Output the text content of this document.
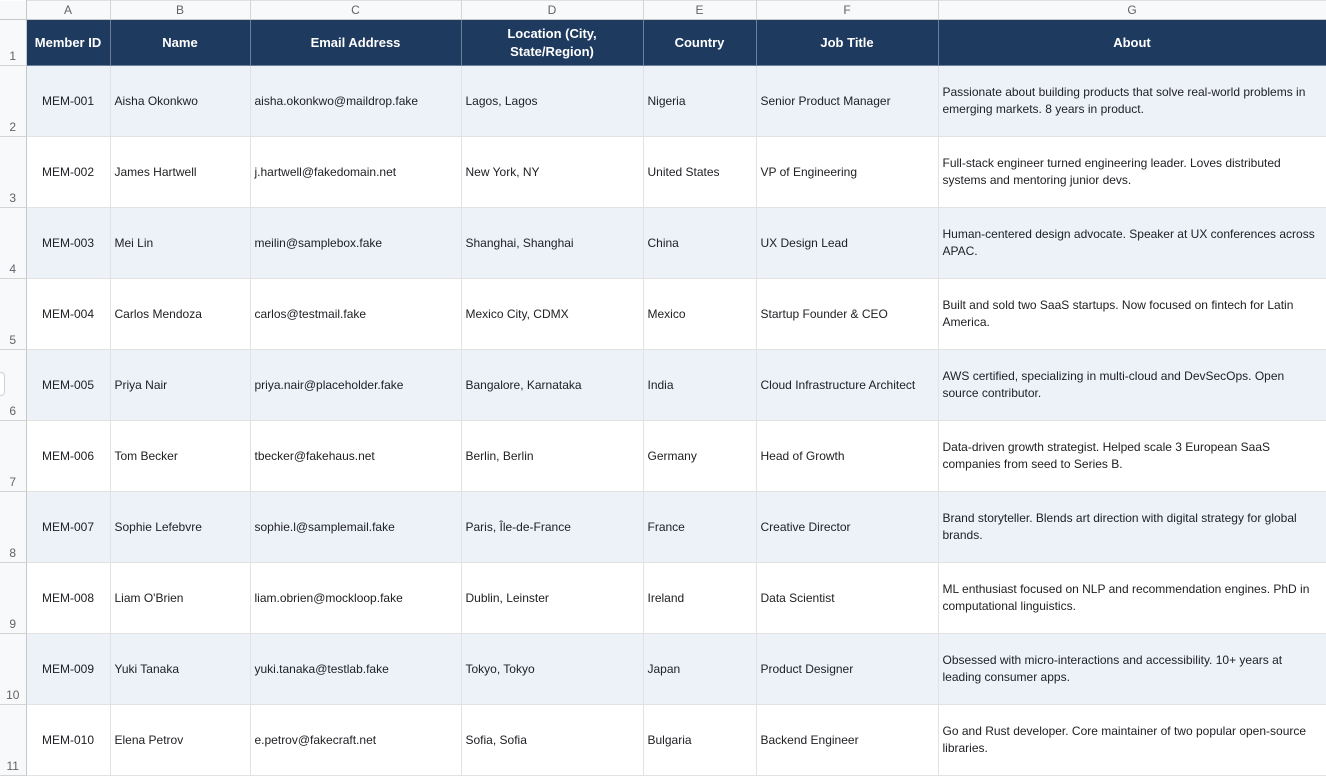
	A	B	C	D	E	F	G
1	Member ID	Name	Email Address	Location (City, State/Region)	Country	Job Title	About
2	MEM-001	Aisha Okonkwo	aisha.okonkwo@maildrop.fake	Lagos, Lagos	Nigeria	Senior Product Manager	Passionate about building products that solve real-world problems in emerging markets. 8 years in product.
3	MEM-002	James Hartwell	j.hartwell@fakedomain.net	New York, NY	United States	VP of Engineering	Full-stack engineer turned engineering leader. Loves distributed systems and mentoring junior devs.
4	MEM-003	Mei Lin	meilin@samplebox.fake	Shanghai, Shanghai	China	UX Design Lead	Human-centered design advocate. Speaker at UX conferences across APAC.
5	MEM-004	Carlos Mendoza	carlos@testmail.fake	Mexico City, CDMX	Mexico	Startup Founder & CEO	Built and sold two SaaS startups. Now focused on fintech for Latin America.
6	MEM-005	Priya Nair	priya.nair@placeholder.fake	Bangalore, Karnataka	India	Cloud Infrastructure Architect	AWS certified, specializing in multi-cloud and DevSecOps. Open source contributor.
7	MEM-006	Tom Becker	tbecker@fakehaus.net	Berlin, Berlin	Germany	Head of Growth	Data-driven growth strategist. Helped scale 3 European SaaS companies from seed to Series B.
8	MEM-007	Sophie Lefebvre	sophie.l@samplemail.fake	Paris, Île-de-France	France	Creative Director	Brand storyteller. Blends art direction with digital strategy for global brands.
9	MEM-008	Liam O'Brien	liam.obrien@mockloop.fake	Dublin, Leinster	Ireland	Data Scientist	ML enthusiast focused on NLP and recommendation engines. PhD in computational linguistics.
10	MEM-009	Yuki Tanaka	yuki.tanaka@testlab.fake	Tokyo, Tokyo	Japan	Product Designer	Obsessed with micro-interactions and accessibility. 10+ years at leading consumer apps.
11	MEM-010	Elena Petrov	e.petrov@fakecraft.net	Sofia, Sofia	Bulgaria	Backend Engineer	Go and Rust developer. Core maintainer of two popular open-source libraries.
